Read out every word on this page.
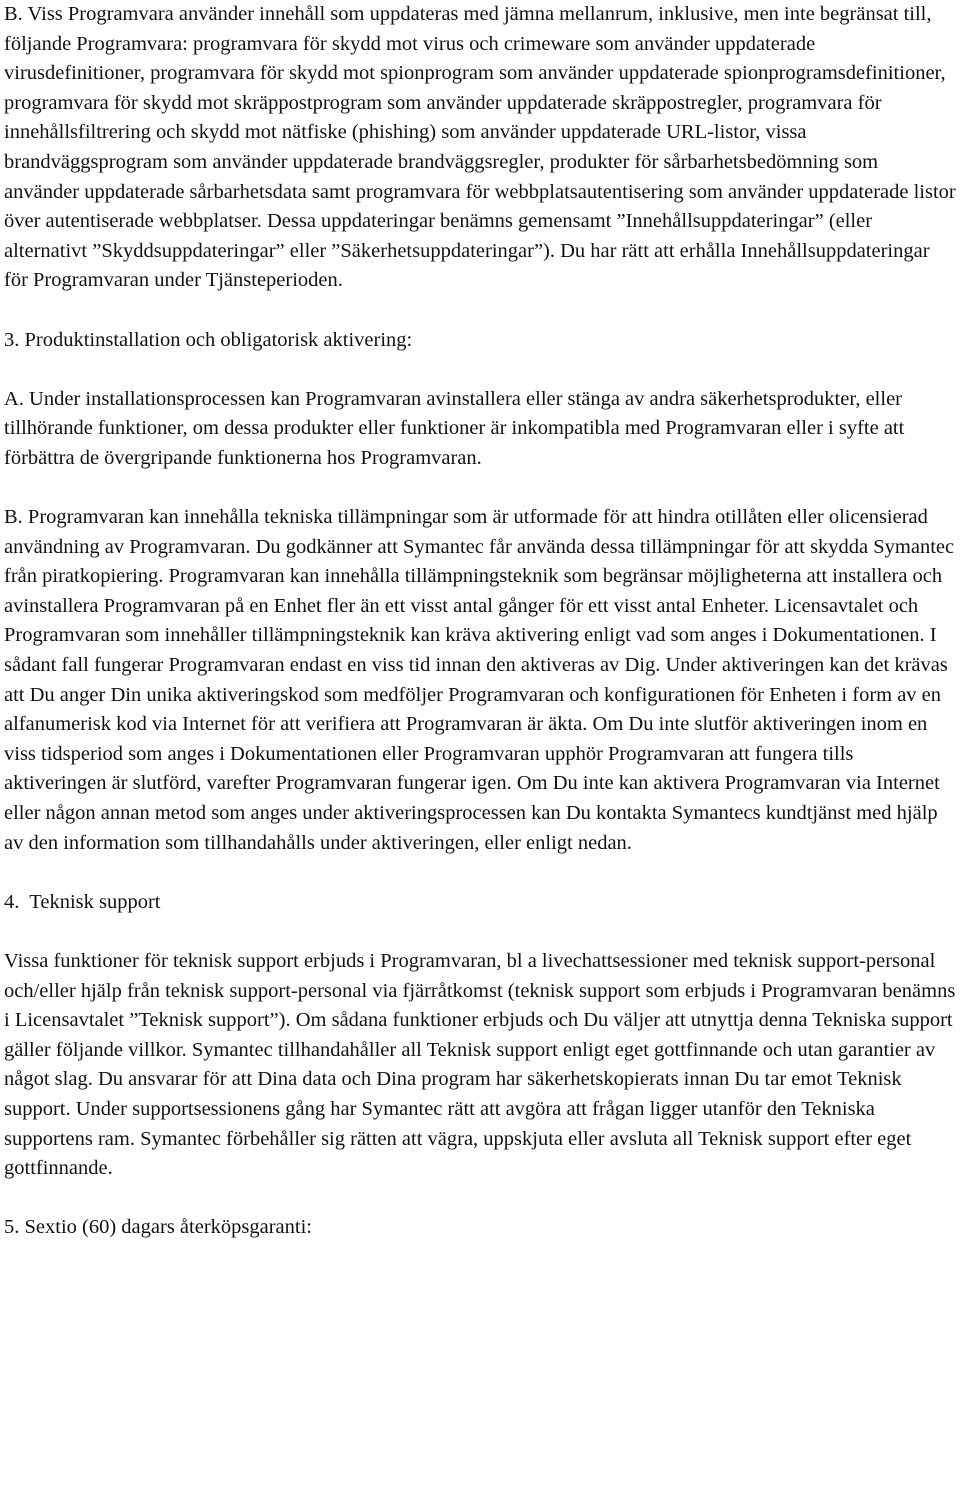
B. Viss Programvara använder innehåll som uppdateras med jämna mellanrum, inklusive, men inte begränsat till, följande Programvara: programvara för skydd mot virus och crimeware som använder uppdaterade virusdefinitioner, programvara för skydd mot spionprogram som använder uppdaterade spionprogramsdefinitioner, programvara för skydd mot skräppostprogram som använder uppdaterade skräppostregler, programvara för innehållsfiltrering och skydd mot nätfiske (phishing) som använder uppdaterade URL-listor, vissa brandväggsprogram som använder uppdaterade brandväggsregler, produkter för sårbarhetsbedömning som använder uppdaterade sårbarhetsdata samt programvara för webbplatsautentisering som använder uppdaterade listor över autentiserade webbplatser. Dessa uppdateringar benämns gemensamt ”Innehållsuppdateringar” (eller alternativt ”Skyddsuppdateringar” eller ”Säkerhetsuppdateringar”). Du har rätt att erhålla Innehållsuppdateringar för Programvaran under Tjänsteperioden.

3. Produktinstallation och obligatorisk aktivering:

A. Under installationsprocessen kan Programvaran avinstallera eller stänga av andra säkerhetsprodukter, eller tillhörande funktioner, om dessa produkter eller funktioner är inkompatibla med Programvaran eller i syfte att förbättra de övergripande funktionerna hos Programvaran.

B. Programvaran kan innehålla tekniska tillämpningar som är utformade för att hindra otillåten eller olicensierad användning av Programvaran. Du godkänner att Symantec får använda dessa tillämpningar för att skydda Symantec från piratkopiering. Programvaran kan innehålla tillämpningsteknik som begränsar möjligheterna att installera och avinstallera Programvaran på en Enhet fler än ett visst antal gånger för ett visst antal Enheter. Licensavtalet och Programvaran som innehåller tillämpningsteknik kan kräva aktivering enligt vad som anges i Dokumentationen. I sådant fall fungerar Programvaran endast en viss tid innan den aktiveras av Dig. Under aktiveringen kan det krävas att Du anger Din unika aktiveringskod som medföljer Programvaran och konfigurationen för Enheten i form av en alfanumerisk kod via Internet för att verifiera att Programvaran är äkta. Om Du inte slutför aktiveringen inom en viss tidsperiod som anges i Dokumentationen eller Programvaran upphör Programvaran att fungera tills aktiveringen är slutförd, varefter Programvaran fungerar igen. Om Du inte kan aktivera Programvaran via Internet eller någon annan metod som anges under aktiveringsprocessen kan Du kontakta Symantecs kundtjänst med hjälp av den information som tillhandahålls under aktiveringen, eller enligt nedan.

4.  Teknisk support

Vissa funktioner för teknisk support erbjuds i Programvaran, bl a livechattsessioner med teknisk support-personal och/eller hjälp från teknisk support-personal via fjärråtkomst (teknisk support som erbjuds i Programvaran benämns i Licensavtalet ”Teknisk support”). Om sådana funktioner erbjuds och Du väljer att utnyttja denna Tekniska support gäller följande villkor. Symantec tillhandahåller all Teknisk support enligt eget gottfinnande och utan garantier av något slag. Du ansvarar för att Dina data och Dina program har säkerhetskopierats innan Du tar emot Teknisk support. Under supportsessionens gång har Symantec rätt att avgöra att frågan ligger utanför den Tekniska supportens ram. Symantec förbehåller sig rätten att vägra, uppskjuta eller avsluta all Teknisk support efter eget gottfinnande.

5. Sextio (60) dagars återköpsgaranti:
